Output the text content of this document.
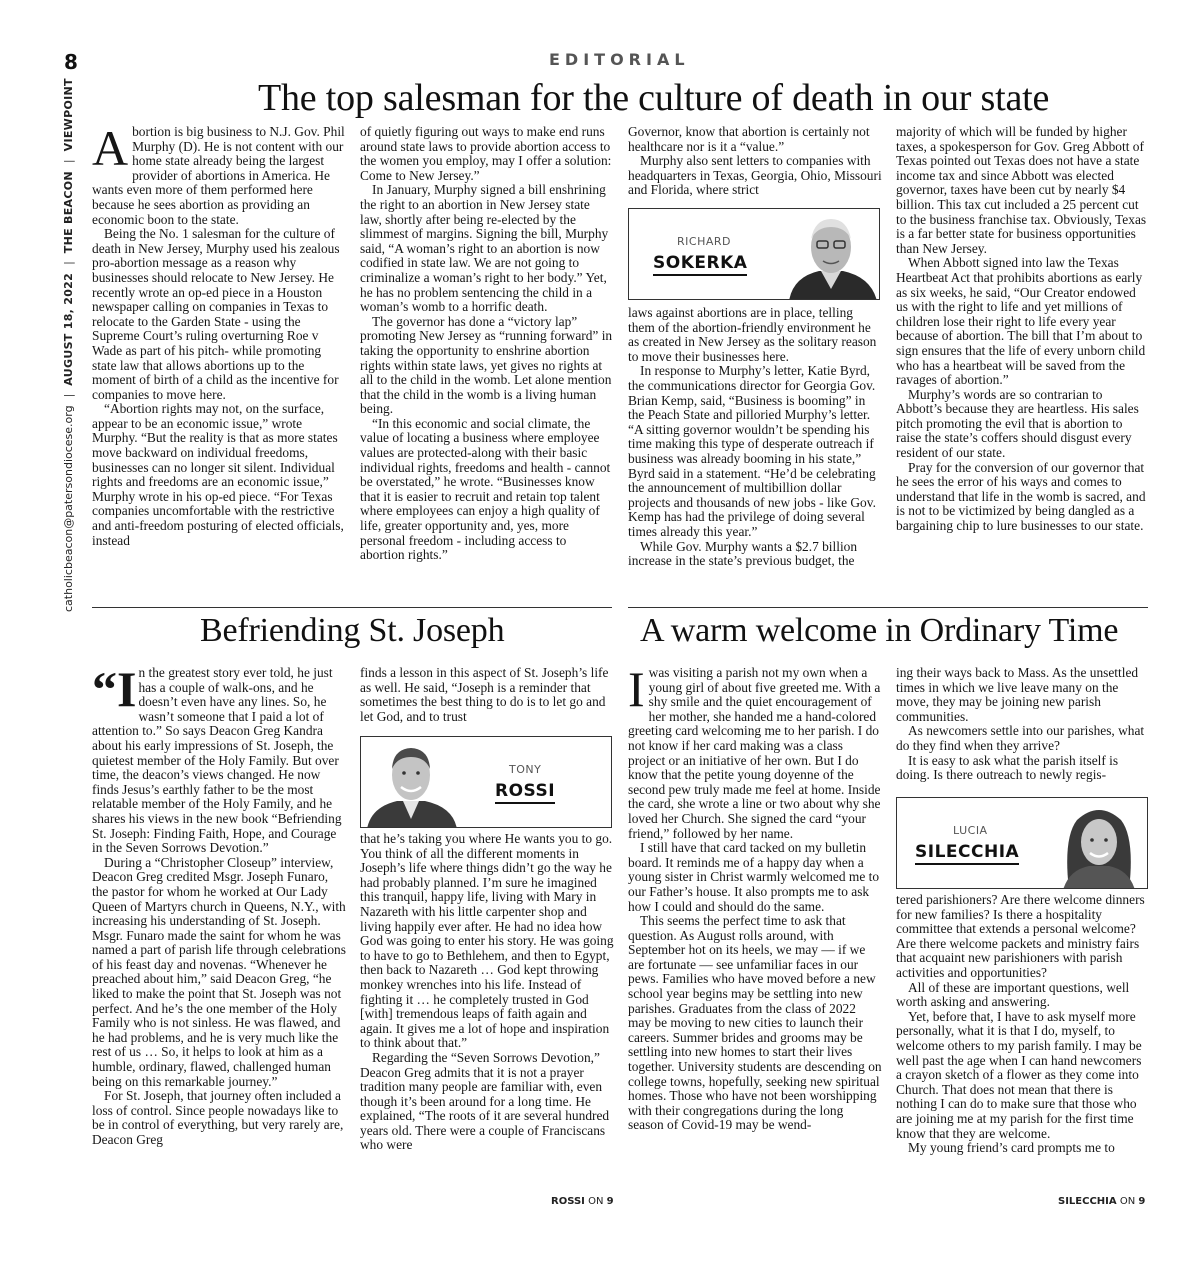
8
catholicbeacon@patersondiocese.org
|
AUGUST 18, 2022
|
THE BEACON
|
VIEWPOINT
EDITORIAL
The top salesman for the culture of death in our state

Abortion is big business to N.J. Gov. Phil Murphy (D). He is not content with our home state already being the largest provider of abortions in America. He wants even more of them performed here because he sees abortion as providing an economic boon to the state.

Being the No. 1 salesman for the culture of death in New Jersey, Murphy used his zealous pro-abortion message as a reason why businesses should relocate to New Jersey. He recently wrote an op-ed piece in a Houston newspaper calling on companies in Texas to relocate to the Garden State - using the Supreme Court’s ruling overturning Roe v Wade as part of his pitch- while promoting state law that allows abortions up to the moment of birth of a child as the incentive for companies to move here.

“Abortion rights may not, on the surface, appear to be an economic issue,” wrote Murphy. “But the reality is that as more states move backward on individual freedoms, businesses can no longer sit silent. Individual rights and freedoms are an economic issue,” Murphy wrote in his op-ed piece. “For Texas companies uncomfortable with the restrictive and anti-freedom posturing of elected officials, instead

of quietly figuring out ways to make end runs around state laws to provide abortion access to the women you employ, may I offer a solution: Come to New Jersey.”

In January, Murphy signed a bill enshrining the right to an abortion in New Jersey state law, shortly after being re-elected by the slimmest of margins. Signing the bill, Murphy said, “A woman’s right to an abortion is now codified in state law. We are not going to criminalize a woman’s right to her body.” Yet, he has no problem sentencing the child in a woman’s womb to a horrific death.

The governor has done a “victory lap” promoting New Jersey as “running forward” in taking the opportunity to enshrine abortion rights within state laws, yet gives no rights at all to the child in the womb. Let alone mention that the child in the womb is a living human being.

“In this economic and social climate, the value of locating a business where employee values are protected-along with their basic individual rights, freedoms and health - cannot be overstated,” he wrote. “Businesses know that it is easier to recruit and retain top talent where employees can enjoy a high quality of life, greater opportunity and, yes, more personal freedom - including access to abortion rights.”

Governor, know that abortion is certainly not healthcare nor is it a “value.”

Murphy also sent letters to companies with headquarters in Texas, Georgia, Ohio, Missouri and Florida, where strict

RICHARD
SOKERKA

laws against abortions are in place, telling them of the abortion-friendly environment he as created in New Jersey as the solitary reason to move their businesses here.

In response to Murphy’s letter, Katie Byrd, the communications director for Georgia Gov. Brian Kemp, said, “Business is booming” in the Peach State and pilloried Murphy’s letter. “A sitting governor wouldn’t be spending his time making this type of desperate outreach if business was already booming in his state,” Byrd said in a statement. “He’d be celebrating the announcement of multibillion dollar projects and thousands of new jobs - like Gov. Kemp has had the privilege of doing several times already this year.”

While Gov. Murphy wants a $2.7 billion increase in the state’s previous budget, the

majority of which will be funded by higher taxes, a spokesperson for Gov. Greg Abbott of Texas pointed out Texas does not have a state income tax and since Abbott was elected governor, taxes have been cut by nearly $4 billion. This tax cut included a 25 percent cut to the business franchise tax. Obviously, Texas is a far better state for business opportunities than New Jersey.

When Abbott signed into law the Texas Heartbeat Act that prohibits abortions as early as six weeks, he said, “Our Creator endowed us with the right to life and yet millions of children lose their right to life every year because of abortion. The bill that I’m about to sign ensures that the life of every unborn child who has a heartbeat will be saved from the ravages of abortion.”

Murphy’s words are so contrarian to Abbott’s because they are heartless. His sales pitch promoting the evil that is abortion to raise the state’s coffers should disgust every resident of our state.

Pray for the conversion of our governor that he sees the error of his ways and comes to understand that life in the womb is sacred, and is not to be victimized by being dangled as a bargaining chip to lure businesses to our state.

Befriending St. Joseph

“In the greatest story ever told, he just has a couple of walk-ons, and he doesn’t even have any lines. So, he wasn’t someone that I paid a lot of attention to.” So says Deacon Greg Kandra about his early impressions of St. Joseph, the quietest member of the Holy Family. But over time, the deacon’s views changed. He now finds Jesus’s earthly father to be the most relatable member of the Holy Family, and he shares his views in the new book “Befriending St. Joseph: Finding Faith, Hope, and Courage in the Seven Sorrows Devotion.”

During a “Christopher Closeup” interview, Deacon Greg credited Msgr. Joseph Funaro, the pastor for whom he worked at Our Lady Queen of Martyrs church in Queens, N.Y., with increasing his understanding of St. Joseph. Msgr. Funaro made the saint for whom he was named a part of parish life through celebrations of his feast day and novenas. “Whenever he preached about him,” said Deacon Greg, “he liked to make the point that St. Joseph was not perfect. And he’s the one member of the Holy Family who is not sinless. He was flawed, and he had problems, and he is very much like the rest of us … So, it helps to look at him as a humble, ordinary, flawed, challenged human being on this remarkable journey.”

For St. Joseph, that journey often included a loss of control. Since people nowadays like to be in control of everything, but very rarely are, Deacon Greg

finds a lesson in this aspect of St. Joseph’s life as well. He said, “Joseph is a reminder that sometimes the best thing to do is to let go and let God, and to trust

TONY
ROSSI

that he’s taking you where He wants you to go. You think of all the different moments in Joseph’s life where things didn’t go the way he had probably planned. I’m sure he imagined this tranquil, happy life, living with Mary in Nazareth with his little carpenter shop and living happily ever after. He had no idea how God was going to enter his story. He was going to have to go to Bethlehem, and then to Egypt, then back to Nazareth … God kept throwing monkey wrenches into his life. Instead of fighting it … he completely trusted in God [with] tremendous leaps of faith again and again. It gives me a lot of hope and inspiration to think about that.”

Regarding the “Seven Sorrows Devotion,” Deacon Greg admits that it is not a prayer tradition many people are familiar with, even though it’s been around for a long time. He explained, “The roots of it are several hundred years old. There were a couple of Franciscans who were

ROSSI ON 9
A warm welcome in Ordinary Time

Iwas visiting a parish not my own when a young girl of about five greeted me. With a shy smile and the quiet encouragement of her mother, she handed me a hand-colored greeting card welcoming me to her parish. I do not know if her card making was a class project or an initiative of her own. But I do know that the petite young doyenne of the second pew truly made me feel at home. Inside the card, she wrote a line or two about why she loved her Church. She signed the card “your friend,” followed by her name.

I still have that card tacked on my bulletin board. It reminds me of a happy day when a young sister in Christ warmly welcomed me to our Father’s house. It also prompts me to ask how I could and should do the same.

This seems the perfect time to ask that question. As August rolls around, with September hot on its heels, we may — if we are fortunate — see unfamiliar faces in our pews. Families who have moved before a new school year begins may be settling into new parishes. Graduates from the class of 2022 may be moving to new cities to launch their careers. Summer brides and grooms may be settling into new homes to start their lives together. University students are descending on college towns, hopefully, seeking new spiritual homes. Those who have not been worshipping with their congregations during the long season of Covid-19 may be wend-

ing their ways back to Mass. As the unsettled times in which we live leave many on the move, they may be joining new parish communities.

As newcomers settle into our parishes, what do they find when they arrive?

It is easy to ask what the parish itself is doing. Is there outreach to newly regis-

LUCIA
SILECCHIA

tered parishioners? Are there welcome dinners for new families? Is there a hospitality committee that extends a personal welcome? Are there welcome packets and ministry fairs that acquaint new parishioners with parish activities and opportunities?

All of these are important questions, well worth asking and answering.

Yet, before that, I have to ask myself more personally, what it is that I do, myself, to welcome others to my parish family. I may be well past the age when I can hand newcomers a crayon sketch of a flower as they come into Church. That does not mean that there is nothing I can do to make sure that those who are joining me at my parish for the first time know that they are welcome.

My young friend’s card prompts me to

SILECCHIA ON 9
